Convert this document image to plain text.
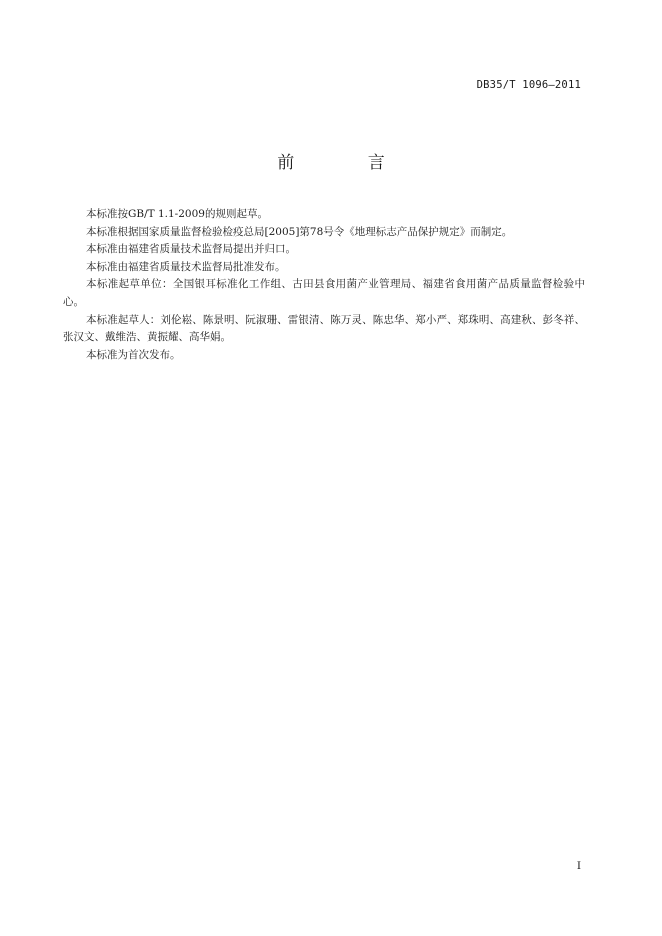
DB35/T 1096—2011
前 言

本标准按GB/T 1.1-2009的规则起草。

本标准根据国家质量监督检验检疫总局[2005]第78号令《地理标志产品保护规定》而制定。

本标准由福建省质量技术监督局提出并归口。

本标准由福建省质量技术监督局批准发布。

本标准起草单位：全国银耳标准化工作组、古田县食用菌产业管理局、福建省食用菌产品质量监督检验中心。

本标准起草人：刘伦崧、陈景明、阮淑珊、雷银清、陈万灵、陈忠华、郑小严、郑珠明、高建秋、彭冬祥、张汉文、戴维浩、黄振耀、高华娟。

本标准为首次发布。

I
